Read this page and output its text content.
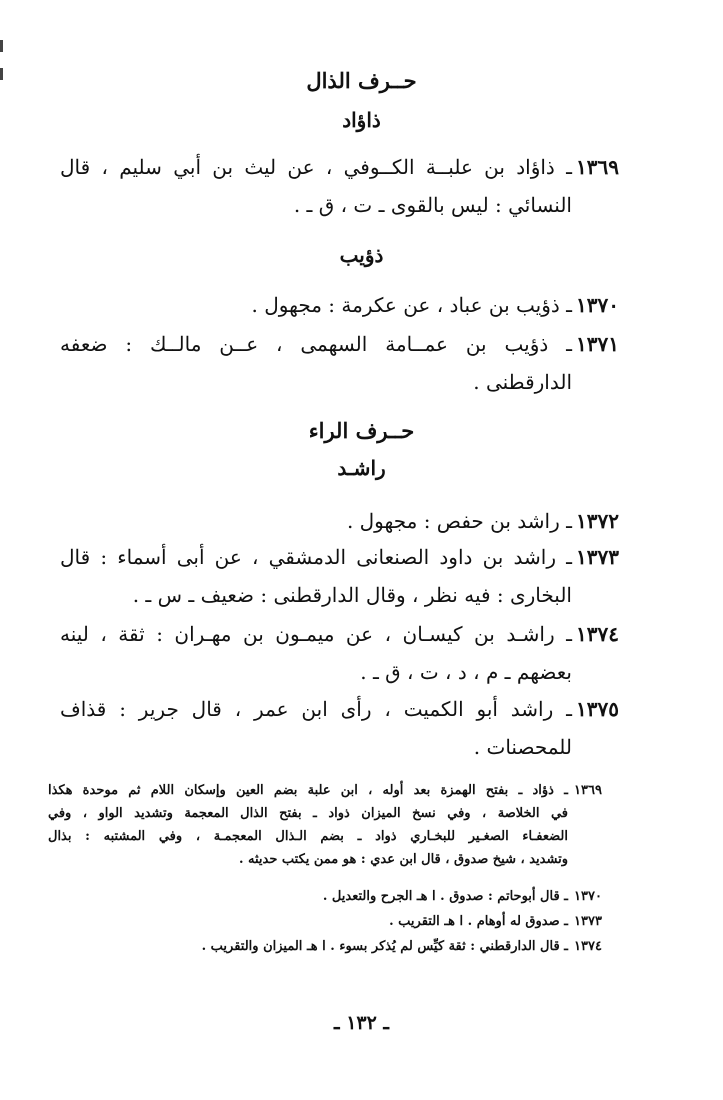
حــرف الذال
ذاؤاد
١٣٦٩
ـ ذاؤاد بن علبــة الكــوفي ، عن ليث بن أبي سليم ، قال
النسائي : ليس بالقوى ـ ت ، ق ـ .
ذؤيب
١٣٧٠
ـ ذؤيب بن عباد ، عن عكرمة : مجهول .
١٣٧١
ـ ذؤيب بن عمــامة السهمى ، عــن مالــك : ضعفه
الدارقطنى .
حــرف الراء
راشـد
١٣٧٢
ـ راشد بن حفص : مجهول .
١٣٧٣
ـ راشد بن داود الصنعانى الدمشقي ، عن أبى أسماء : قال
البخارى : فيه نظر ، وقال الدارقطنى : ضعيف ـ س ـ .
١٣٧٤
ـ راشـد بن كيسـان ، عن ميمـون بن مهـران : ثقة ، لينه
بعضهم ـ م ، د ، ت ، ق ـ .
١٣٧٥
ـ راشد أبو الكميت ، رأى ابن عمر ، قال جرير : قذاف
للمحصنات .
١٣٦٩
ـ ذؤاد ـ بفتح الهمزة بعد أوله ، ابن علبة بضم العين وإسكان اللام ثم موحدة هكذا
في الخلاصة ، وفي نسخ الميزان ذواد ـ بفتح الذال المعجمة وتشديد الواو ، وفي
الضعفـاء الصغـير للبخـاري ذواد ـ بضم الـذال المعجمـة ، وفي المشتبه : بذال
وتشديد ، شيخ صدوق ، قال ابن عدي : هو ممن يكتب حديثه .
١٣٧٠
ـ قال أبوحاتم : صدوق . ا هـ الجرح والتعديل .
١٣٧٣
ـ صدوق له أوهام . ا هـ التقريب .
١٣٧٤
ـ قال الدارقطني : ثقة كيِّس لم يُذكر بسوء . ا هـ الميزان والتقريب .
ـ ١٣٢ ـ
